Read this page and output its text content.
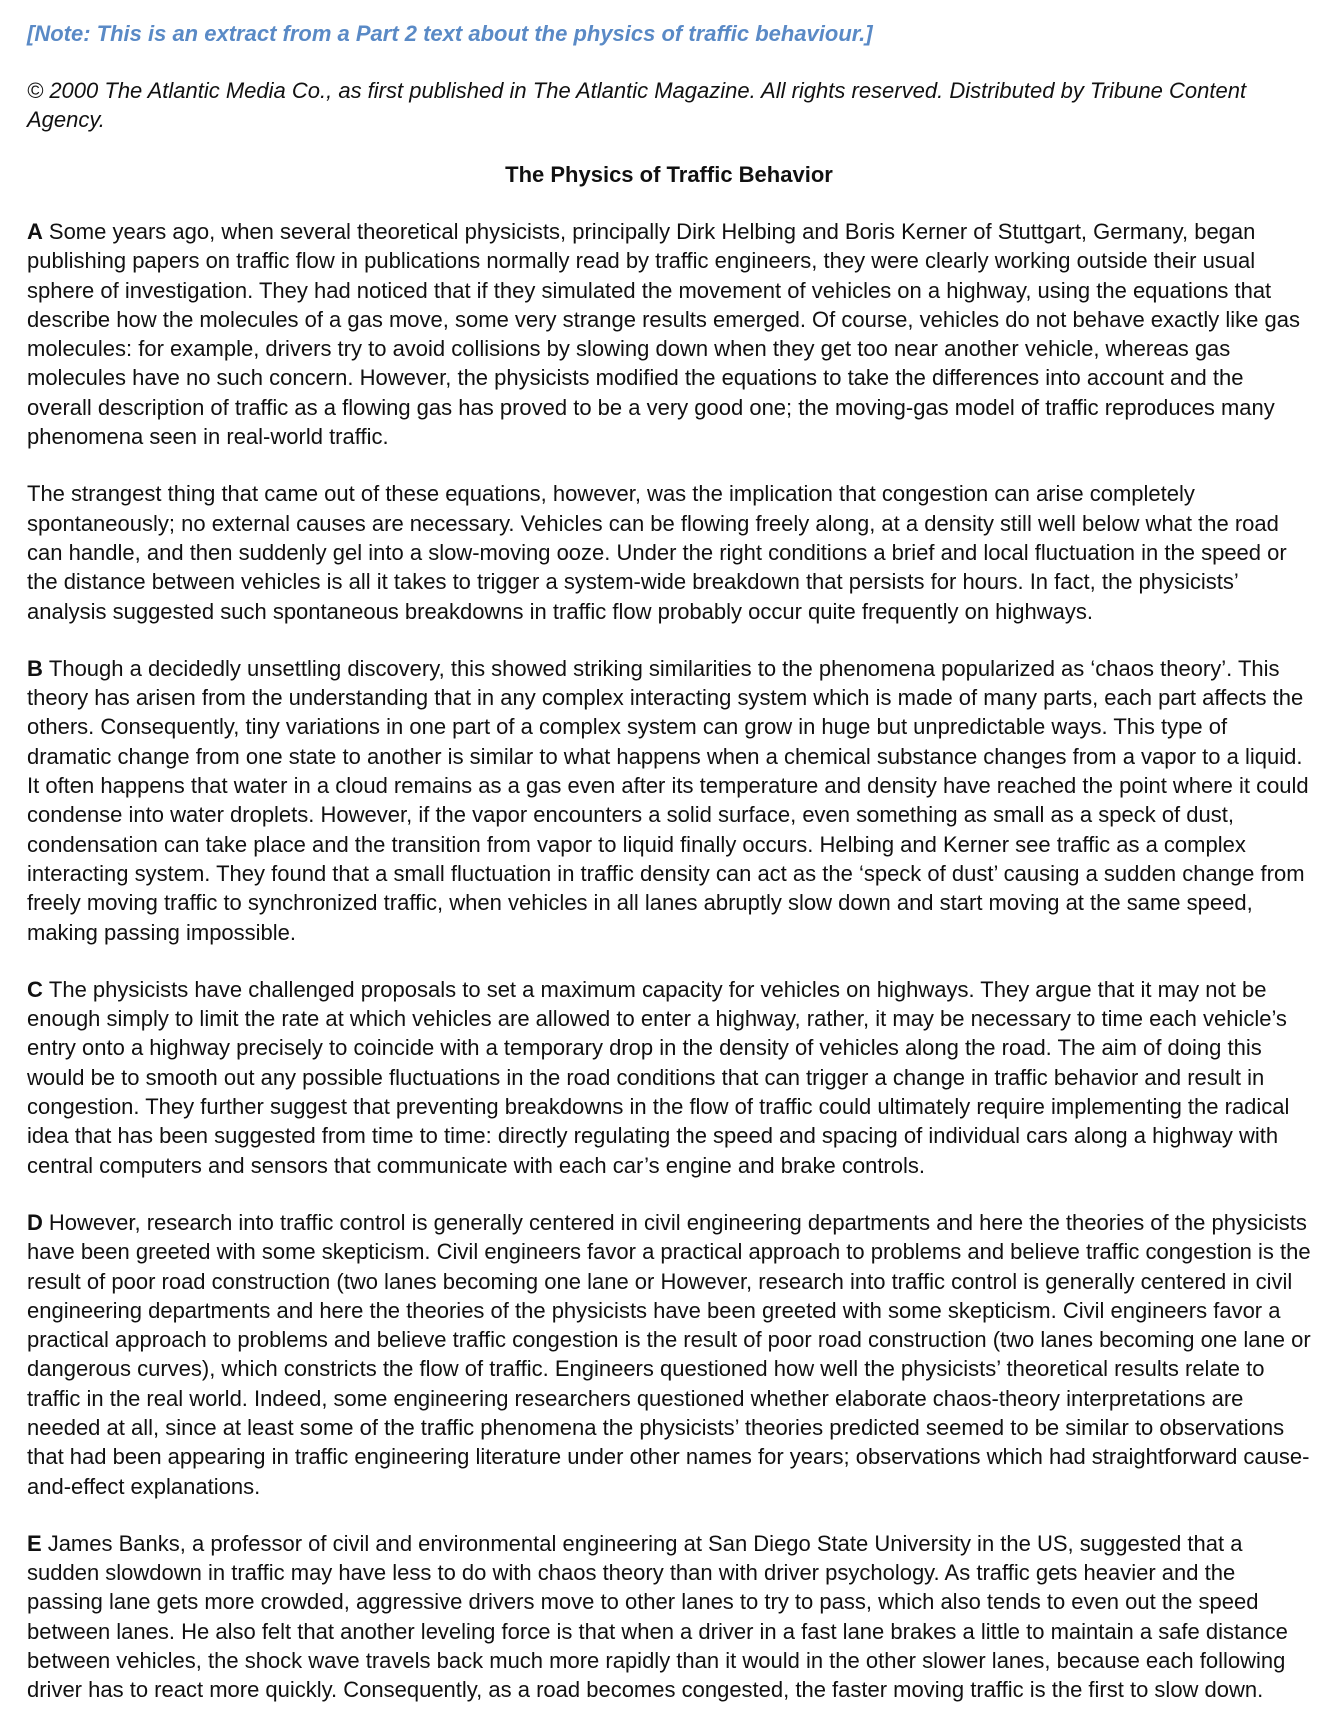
[Note: This is an extract from a Part 2 text about the physics of traffic behaviour.]

© 2000 The Atlantic Media Co., as first published in The Atlantic Magazine. All rights reserved. Distributed by Tribune Content Agency.

The Physics of Traffic Behavior

A Some years ago, when several theoretical physicists, principally Dirk Helbing and Boris Kerner of Stuttgart, Germany, began publishing papers on traffic flow in publications normally read by traffic engineers, they were clearly working outside their usual sphere of investigation. They had noticed that if they simulated the movement of vehicles on a highway, using the equations that describe how the molecules of a gas move, some very strange results emerged. Of course, vehicles do not behave exactly like gas molecules: for example, drivers try to avoid collisions by slowing down when they get too near another vehicle, whereas gas molecules have no such concern. However, the physicists modified the equations to take the differences into account and the overall description of traffic as a flowing gas has proved to be a very good one; the moving-gas model of traffic reproduces many phenomena seen in real-world traffic.

The strangest thing that came out of these equations, however, was the implication that congestion can arise completely spontaneously; no external causes are necessary. Vehicles can be flowing freely along, at a density still well below what the road can handle, and then suddenly gel into a slow-moving ooze. Under the right conditions a brief and local fluctuation in the speed or the distance between vehicles is all it takes to trigger a system-wide breakdown that persists for hours. In fact, the physicists’ analysis suggested such spontaneous breakdowns in traffic flow probably occur quite frequently on highways.

B Though a decidedly unsettling discovery, this showed striking similarities to the phenomena popularized as ‘chaos theory’. This theory has arisen from the understanding that in any complex interacting system which is made of many parts, each part affects the others. Consequently, tiny variations in one part of a complex system can grow in huge but unpredictable ways. This type of dramatic change from one state to another is similar to what happens when a chemical substance changes from a vapor to a liquid. It often happens that water in a cloud remains as a gas even after its temperature and density have reached the point where it could condense into water droplets. However, if the vapor encounters a solid surface, even something as small as a speck of dust, condensation can take place and the transition from vapor to liquid finally occurs. Helbing and Kerner see traffic as a complex interacting system. They found that a small fluctuation in traffic density can act as the ‘speck of dust’ causing a sudden change from freely moving traffic to synchronized traffic, when vehicles in all lanes abruptly slow down and start moving at the same speed, making passing impossible.

C The physicists have challenged proposals to set a maximum capacity for vehicles on highways. They argue that it may not be enough simply to limit the rate at which vehicles are allowed to enter a highway, rather, it may be necessary to time each vehicle’s entry onto a highway precisely to coincide with a temporary drop in the density of vehicles along the road. The aim of doing this would be to smooth out any possible fluctuations in the road conditions that can trigger a change in traffic behavior and result in congestion. They further suggest that preventing breakdowns in the flow of traffic could ultimately require implementing the radical idea that has been suggested from time to time: directly regulating the speed and spacing of individual cars along a highway with central computers and sensors that communicate with each car’s engine and brake controls.

D However, research into traffic control is generally centered in civil engineering departments and here the theories of the physicists have been greeted with some skepticism. Civil engineers favor a practical approach to problems and believe traffic congestion is the result of poor road construction (two lanes becoming one lane or However, research into traffic control is generally centered in civil engineering departments and here the theories of the physicists have been greeted with some skepticism. Civil engineers favor a practical approach to problems and believe traffic congestion is the result of poor road construction (two lanes becoming one lane or dangerous curves), which constricts the flow of traffic. Engineers questioned how well the physicists’ theoretical results relate to traffic in the real world. Indeed, some engineering researchers questioned whether elaborate chaos-theory interpretations are needed at all, since at least some of the traffic phenomena the physicists’ theories predicted seemed to be similar to observations that had been appearing in traffic engineering literature under other names for years; observations which had straightforward cause-and-effect explanations.

E James Banks, a professor of civil and environmental engineering at San Diego State University in the US, suggested that a sudden slowdown in traffic may have less to do with chaos theory than with driver psychology. As traffic gets heavier and the passing lane gets more crowded, aggressive drivers move to other lanes to try to pass, which also tends to even out the speed between lanes. He also felt that another leveling force is that when a driver in a fast lane brakes a little to maintain a safe distance between vehicles, the shock wave travels back much more rapidly than it would in the other slower lanes, because each following driver has to react more quickly. Consequently, as a road becomes congested, the faster moving traffic is the first to slow down.
